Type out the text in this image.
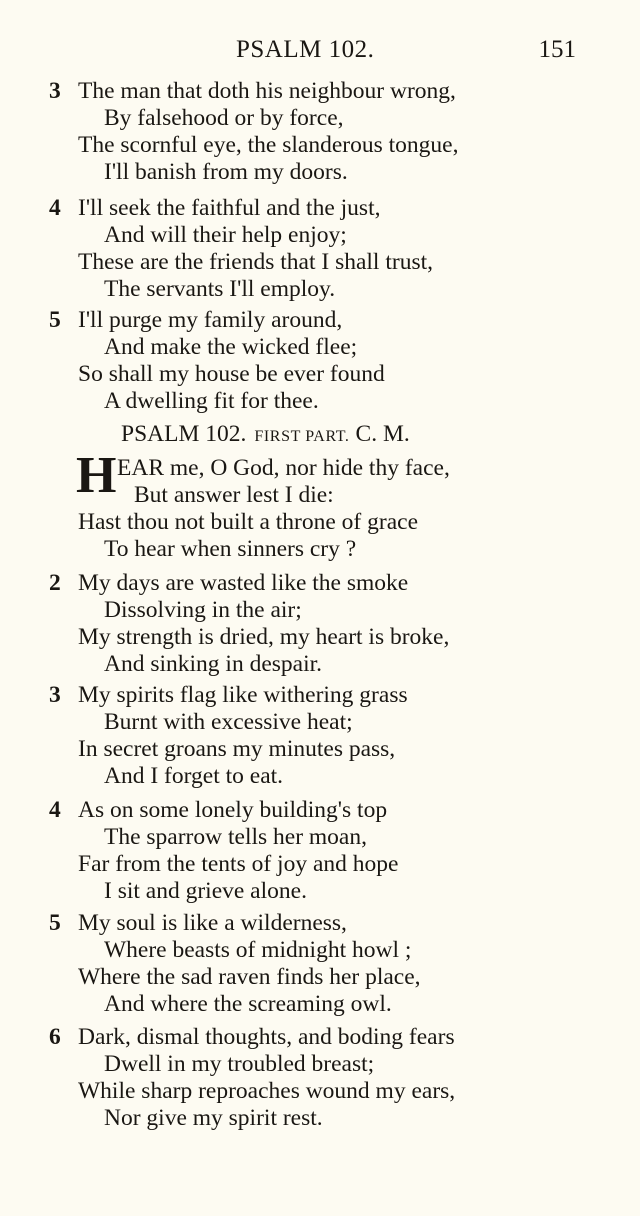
PSALM 102.	151
3 The man that doth his neighbour wrong,
By falsehood or by force,
The scornful eye, the slanderous tongue,
I'll banish from my doors.
4 I'll seek the faithful and the just,
And will their help enjoy;
These are the friends that I shall trust,
The servants I'll employ.
5 I'll purge my family around,
And make the wicked flee;
So shall my house be ever found
A dwelling fit for thee.
PSALM 102. FIRST PART. C. M.
H EAR me, O God, nor hide thy face,
But answer lest I die:
Hast thou not built a throne of grace
To hear when sinners cry ?
2 My days are wasted like the smoke
Dissolving in the air;
My strength is dried, my heart is broke,
And sinking in despair.
3 My spirits flag like withering grass
Burnt with excessive heat;
In secret groans my minutes pass,
And I forget to eat.
4 As on some lonely building's top
The sparrow tells her moan,
Far from the tents of joy and hope
I sit and grieve alone.
5 My soul is like a wilderness,
Where beasts of midnight howl ;
Where the sad raven finds her place,
And where the screaming owl.
6 Dark, dismal thoughts, and boding fears
Dwell in my troubled breast;
While sharp reproaches wound my ears,
Nor give my spirit rest.
